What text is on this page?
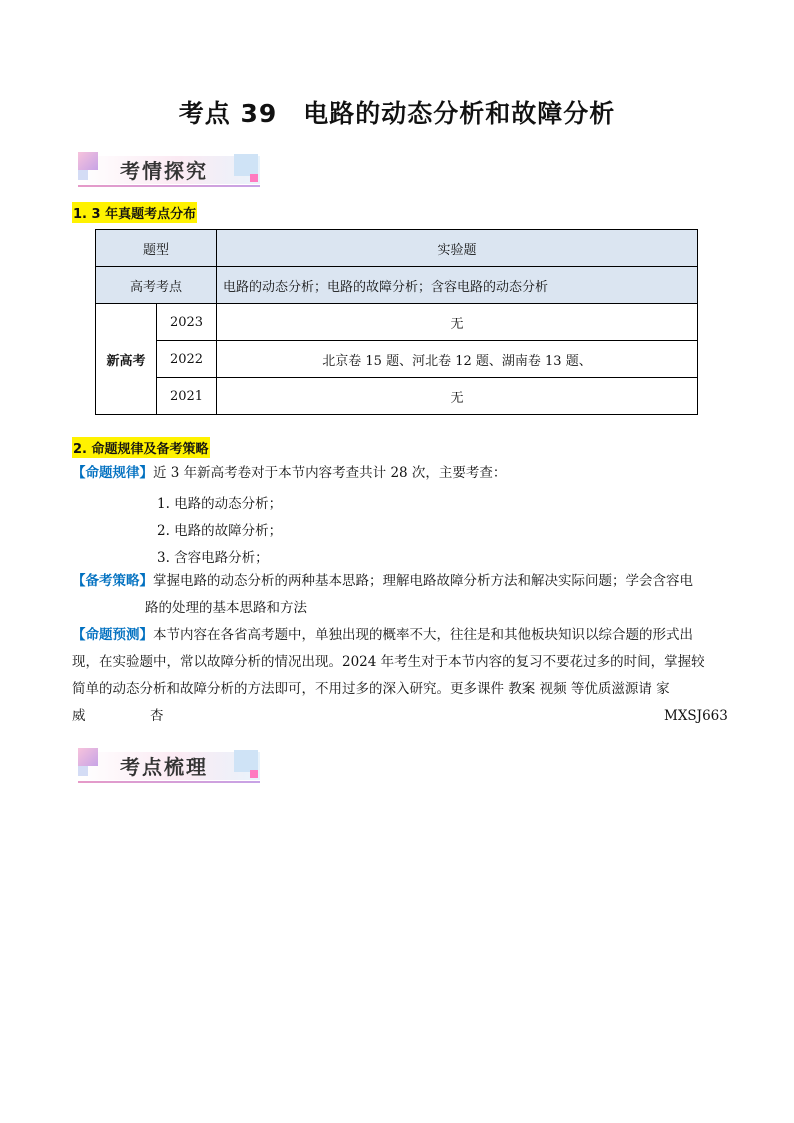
考点 39 电路的动态分析和故障分析
考情探究
1. 3 年真题考点分布
题型		实验题
高考考点		电路的动态分析；电路的故障分析；含容电路的动态分析
新高考	2023	无
	2022	北京卷 15 题、河北卷 12 题、湖南卷 13 题、
	2021	无
2. 命题规律及备考策略
【命题规律】近 3 年新高考卷对于本节内容考查共计 28 次，主要考查：
1. 电路的动态分析；
2. 电路的故障分析；
3. 含容电路分析；
【备考策略】掌握电路的动态分析的两种基本思路；理解电路故障分析方法和解决实际问题；学会含容电
路的处理的基本思路和方法
【命题预测】本节内容在各省高考题中，单独出现的概率不大，往往是和其他板块知识以综合题的形式出
现，在实验题中，常以故障分析的情况出现。2024 年考生对于本节内容的复习不要花过多的时间，掌握较
简单的动态分析和故障分析的方法即可，不用过多的深入研究。更多课件 教案 视频 等优质滋源请 家
威	杏	MXSJ663
考点梳理
